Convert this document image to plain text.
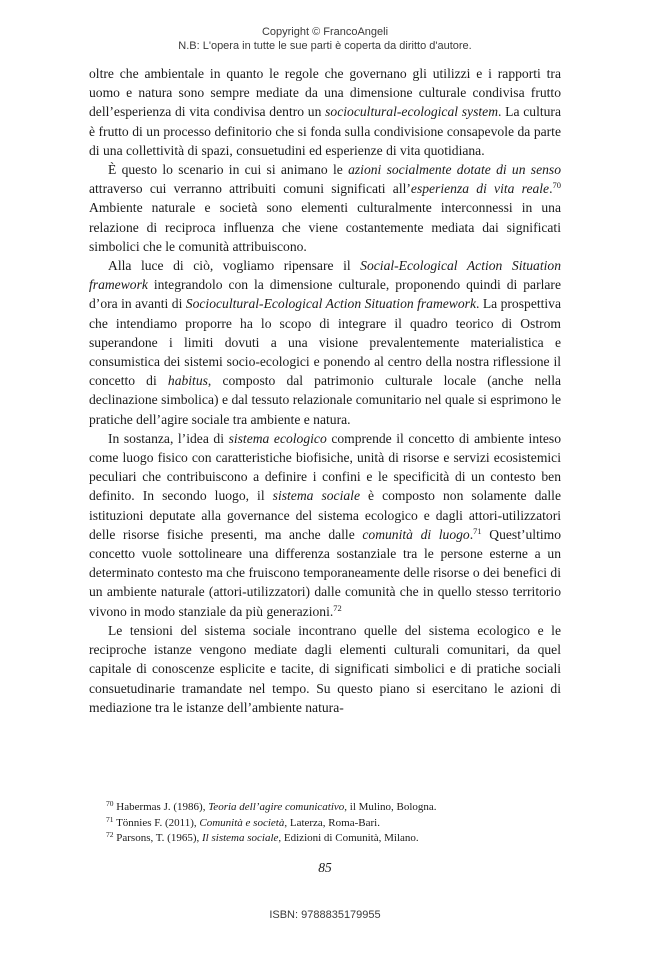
Copyright © FrancoAngeli
N.B: L'opera in tutte le sue parti è coperta da diritto d'autore.

oltre che ambientale in quanto le regole che governano gli utilizzi e i rapporti tra uomo e natura sono sempre mediate da una dimensione culturale condivisa frutto dell’esperienza di vita condivisa dentro un sociocultural-ecological system. La cultura è frutto di un processo definitorio che si fonda sulla condivisione consapevole da parte di una collettività di spazi, consuetudini ed esperienze di vita quotidiana.

È questo lo scenario in cui si animano le azioni socialmente dotate di un senso attraverso cui verranno attribuiti comuni significati all’esperienza di vita reale.$^{70}$ Ambiente naturale e società sono elementi culturalmente interconnessi in una relazione di reciproca influenza che viene costantemente mediata dai significati simbolici che le comunità attribuiscono.

Alla luce di ciò, vogliamo ripensare il Social-Ecological Action Situation framework integrandolo con la dimensione culturale, proponendo quindi di parlare d’ora in avanti di Sociocultural-Ecological Action Situation framework. La prospettiva che intendiamo proporre ha lo scopo di integrare il quadro teorico di Ostrom superandone i limiti dovuti a una visione prevalentemente materialistica e consumistica dei sistemi socio-ecologici e ponendo al centro della nostra riflessione il concetto di habitus, composto dal patrimonio culturale locale (anche nella declinazione simbolica) e dal tessuto relazionale comunitario nel quale si esprimono le pratiche dell’agire sociale tra ambiente e natura.

In sostanza, l’idea di sistema ecologico comprende il concetto di ambiente inteso come luogo fisico con caratteristiche biofisiche, unità di risorse e servizi ecosistemici peculiari che contribuiscono a definire i confini e le specificità di un contesto ben definito. In secondo luogo, il sistema sociale è composto non solamente dalle istituzioni deputate alla governance del sistema ecologico e dagli attori-utilizzatori delle risorse fisiche presenti, ma anche dalle comunità di luogo.$^{71}$ Quest’ultimo concetto vuole sottolineare una differenza sostanziale tra le persone esterne a un determinato contesto ma che fruiscono temporaneamente delle risorse o dei benefici di un ambiente naturale (attori-utilizzatori) dalle comunità che in quello stesso territorio vivono in modo stanziale da più generazioni.$^{72}$

Le tensioni del sistema sociale incontrano quelle del sistema ecologico e le reciproche istanze vengono mediate dagli elementi culturali comunitari, da quel capitale di conoscenze esplicite e tacite, di significati simbolici e di pratiche sociali consuetudinarie tramandate nel tempo. Su questo piano si esercitano le azioni di mediazione tra le istanze dell’ambiente natura-

$^{70}$ Habermas J. (1986), Teoria dell’agire comunicativo, il Mulino, Bologna.

$^{71}$ Tönnies F. (2011), Comunità e società, Laterza, Roma-Bari.

$^{72}$ Parsons, T. (1965), Il sistema sociale, Edizioni di Comunità, Milano.

85
ISBN: 9788835179955
